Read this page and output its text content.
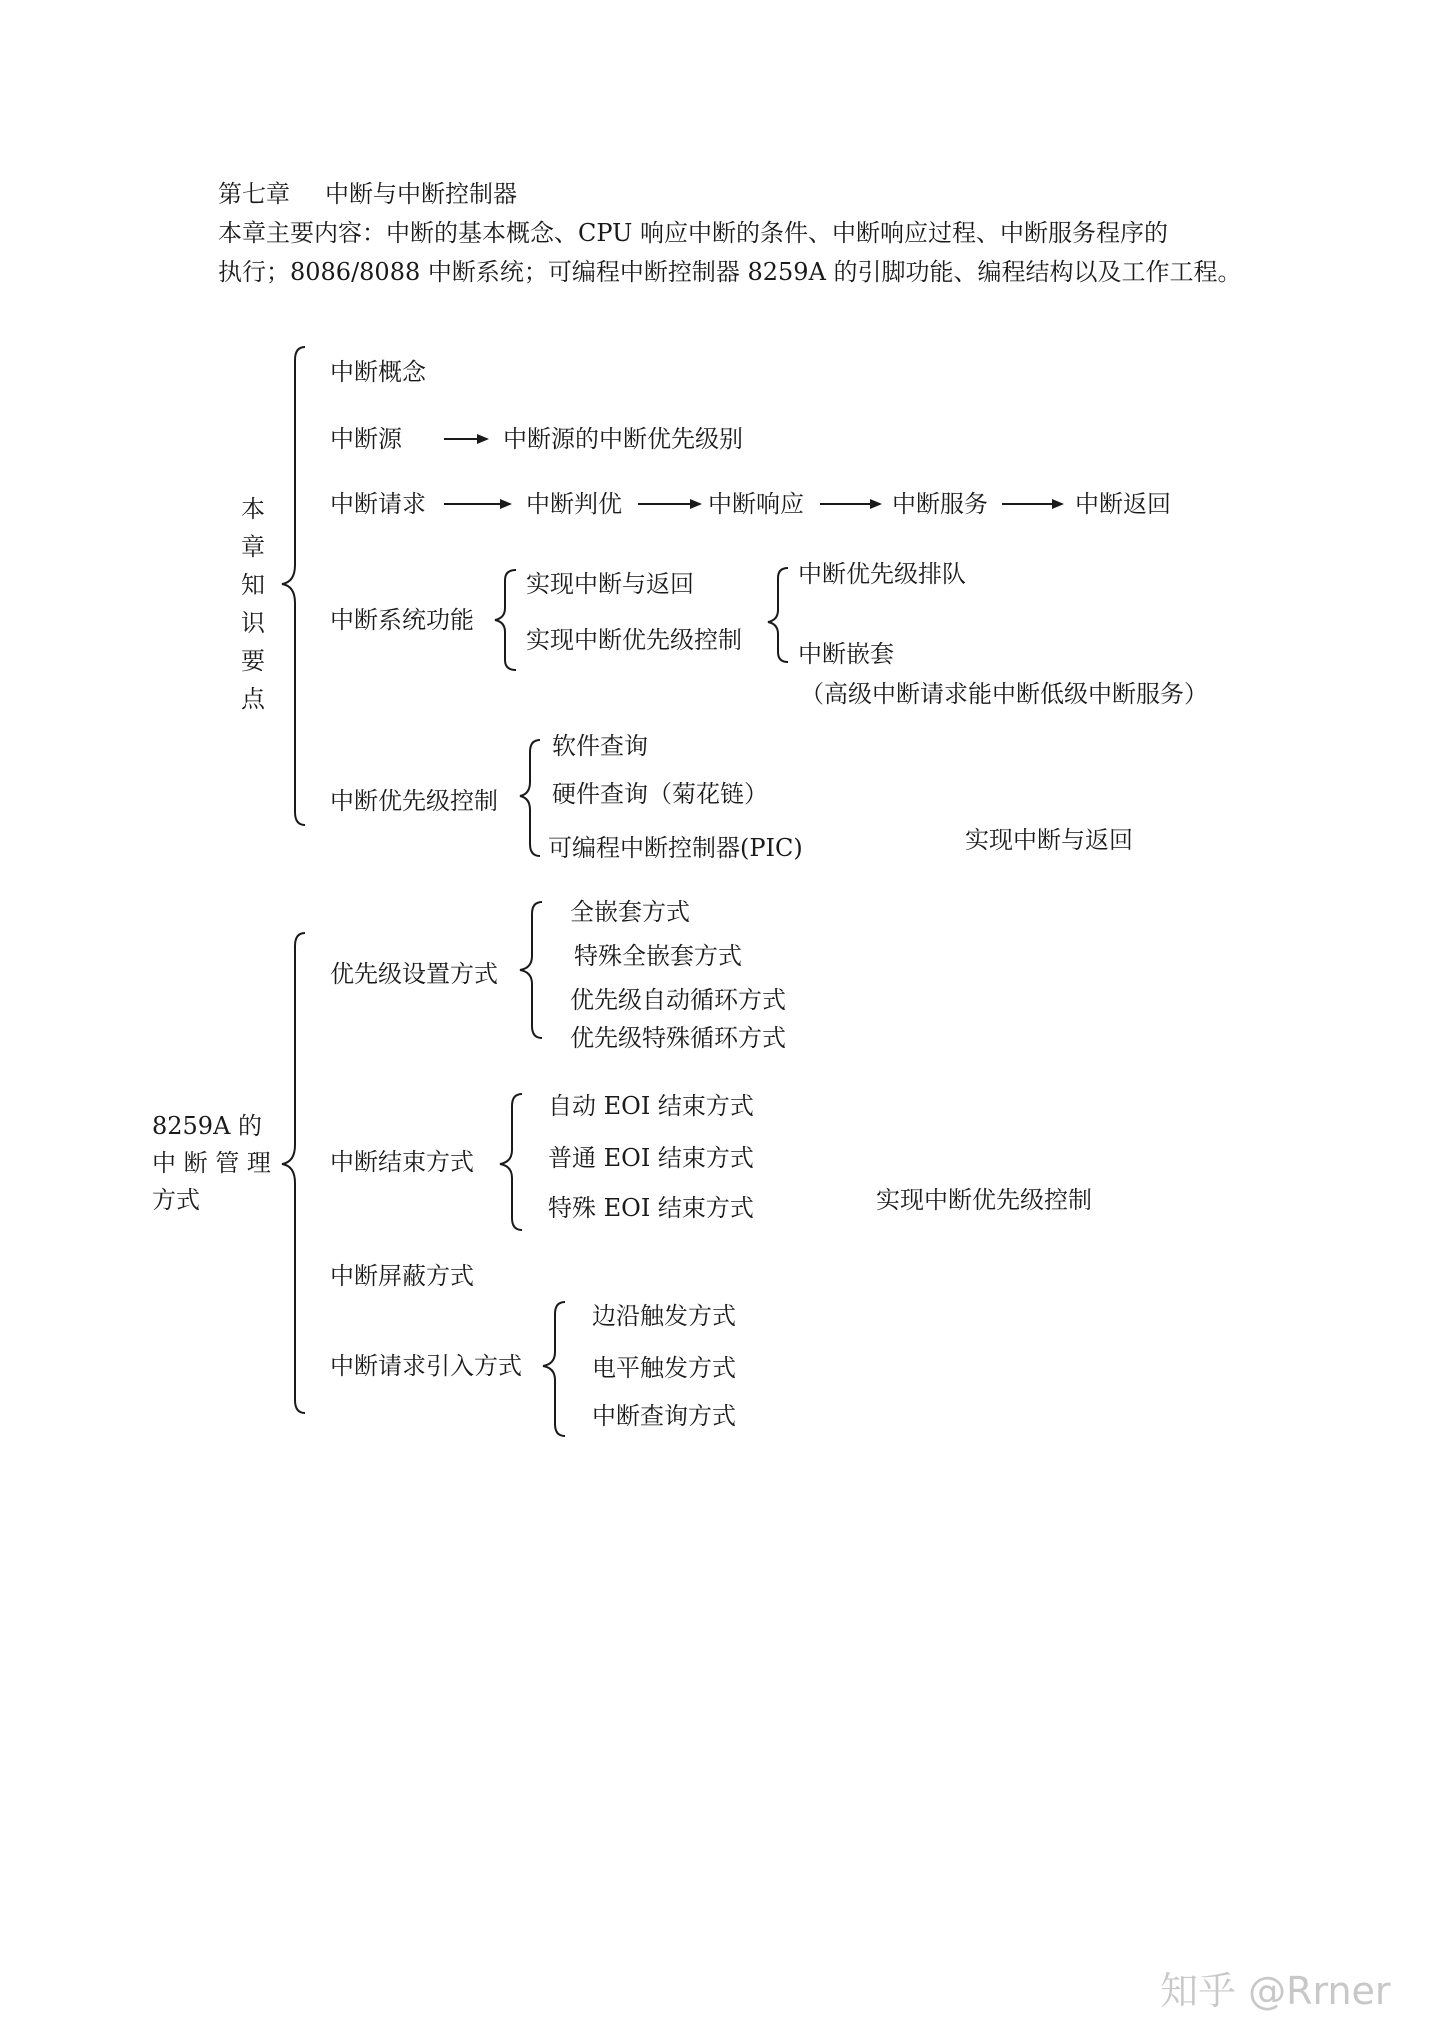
第七章 中断与中断控制器
本章主要内容：中断的基本概念、CPU 响应中断的条件、中断响应过程、中断服务程序的
执行；8086/8088 中断系统；可编程中断控制器 8259A 的引脚功能、编程结构以及工作工程。
本
章
知
识
要
点
中断概念
中断源	中断源的中断优先级别
中断请求	中断判优	中断响应	中断服务	中断返回
中断系统功能
实现中断与返回
实现中断优先级控制
中断优先级排队
中断嵌套
（高级中断请求能中断低级中断服务）
中断优先级控制
软件查询
硬件查询（菊花链）
可编程中断控制器(PIC)	实现中断与返回
8259A 的
中 断 管 理
方式
优先级设置方式
全嵌套方式
特殊全嵌套方式
优先级自动循环方式
优先级特殊循环方式
中断结束方式
自动 EOI 结束方式
普通 EOI 结束方式
特殊 EOI 结束方式	实现中断优先级控制
中断屏蔽方式
中断请求引入方式
边沿触发方式
电平触发方式
中断查询方式
知乎 @Rrner
